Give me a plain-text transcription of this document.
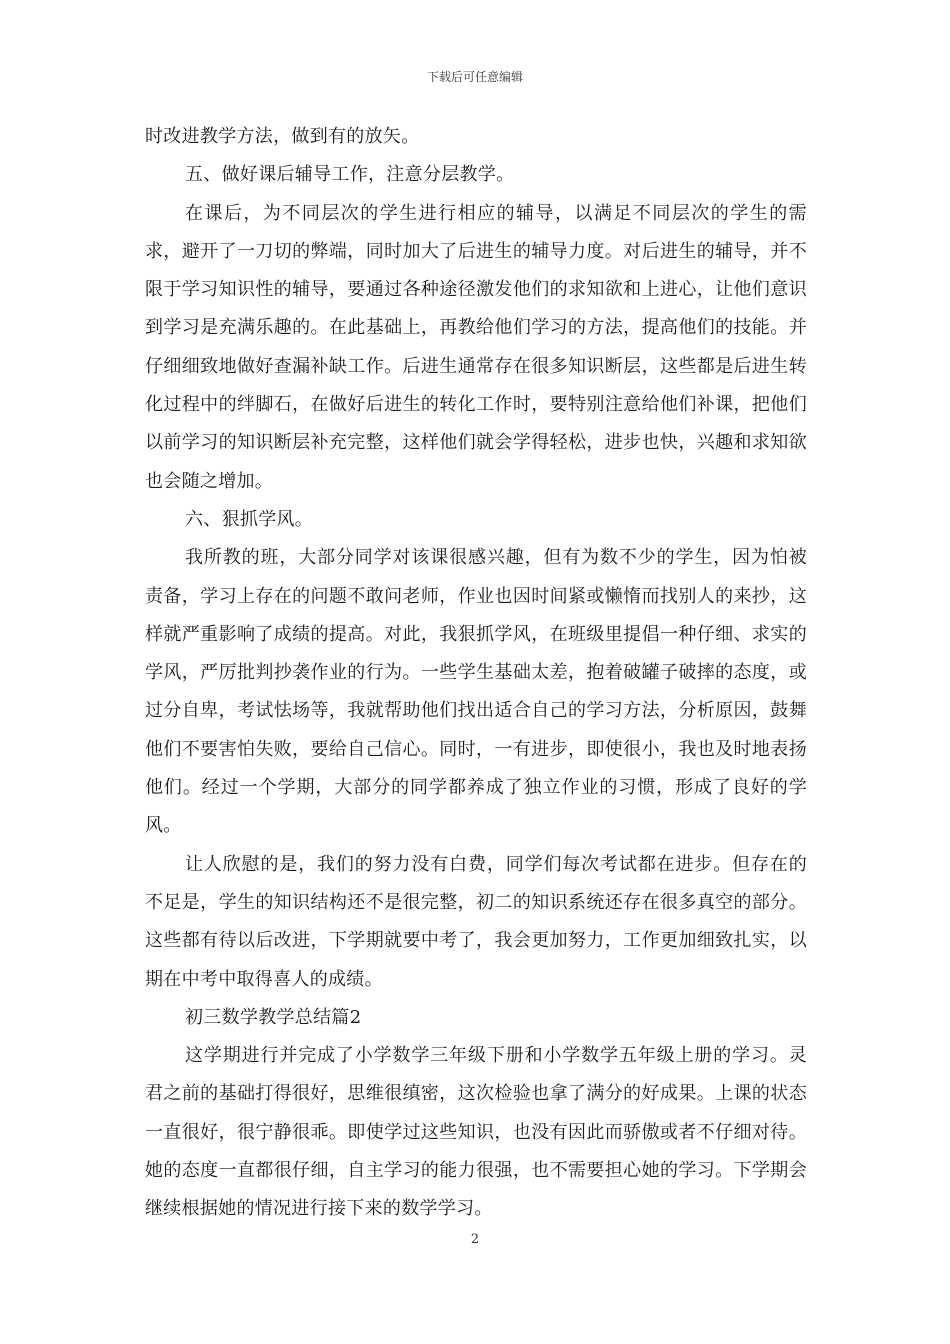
下载后可任意编辑

时改进教学方法，做到有的放矢。

五、做好课后辅导工作，注意分层教学。

在课后，为不同层次的学生进行相应的辅导，以满足不同层次的学生的需求，避开了一刀切的弊端，同时加大了后进生的辅导力度。对后进生的辅导，并不限于学习知识性的辅导，要通过各种途径激发他们的求知欲和上进心，让他们意识到学习是充满乐趣的。在此基础上，再教给他们学习的方法，提高他们的技能。并仔细细致地做好查漏补缺工作。后进生通常存在很多知识断层，这些都是后进生转化过程中的绊脚石，在做好后进生的转化工作时，要特别注意给他们补课，把他们以前学习的知识断层补充完整，这样他们就会学得轻松，进步也快，兴趣和求知欲也会随之增加。

六、狠抓学风。

我所教的班，大部分同学对该课很感兴趣，但有为数不少的学生，因为怕被责备，学习上存在的问题不敢问老师，作业也因时间紧或懒惰而找别人的来抄，这样就严重影响了成绩的提高。对此，我狠抓学风，在班级里提倡一种仔细、求实的学风，严厉批判抄袭作业的行为。一些学生基础太差，抱着破罐子破摔的态度，或过分自卑，考试怯场等，我就帮助他们找出适合自己的学习方法，分析原因，鼓舞他们不要害怕失败，要给自己信心。同时，一有进步，即使很小，我也及时地表扬他们。经过一个学期，大部分的同学都养成了独立作业的习惯，形成了良好的学风。

让人欣慰的是，我们的努力没有白费，同学们每次考试都在进步。但存在的不足是，学生的知识结构还不是很完整，初二的知识系统还存在很多真空的部分。这些都有待以后改进，下学期就要中考了，我会更加努力，工作更加细致扎实，以期在中考中取得喜人的成绩。

初三数学教学总结篇2

这学期进行并完成了小学数学三年级下册和小学数学五年级上册的学习。灵君之前的基础打得很好，思维很缜密，这次检验也拿了满分的好成果。上课的状态一直很好，很宁静很乖。即使学过这些知识，也没有因此而骄傲或者不仔细对待。她的态度一直都很仔细，自主学习的能力很强，也不需要担心她的学习。下学期会继续根据她的情况进行接下来的数学学习。

2
